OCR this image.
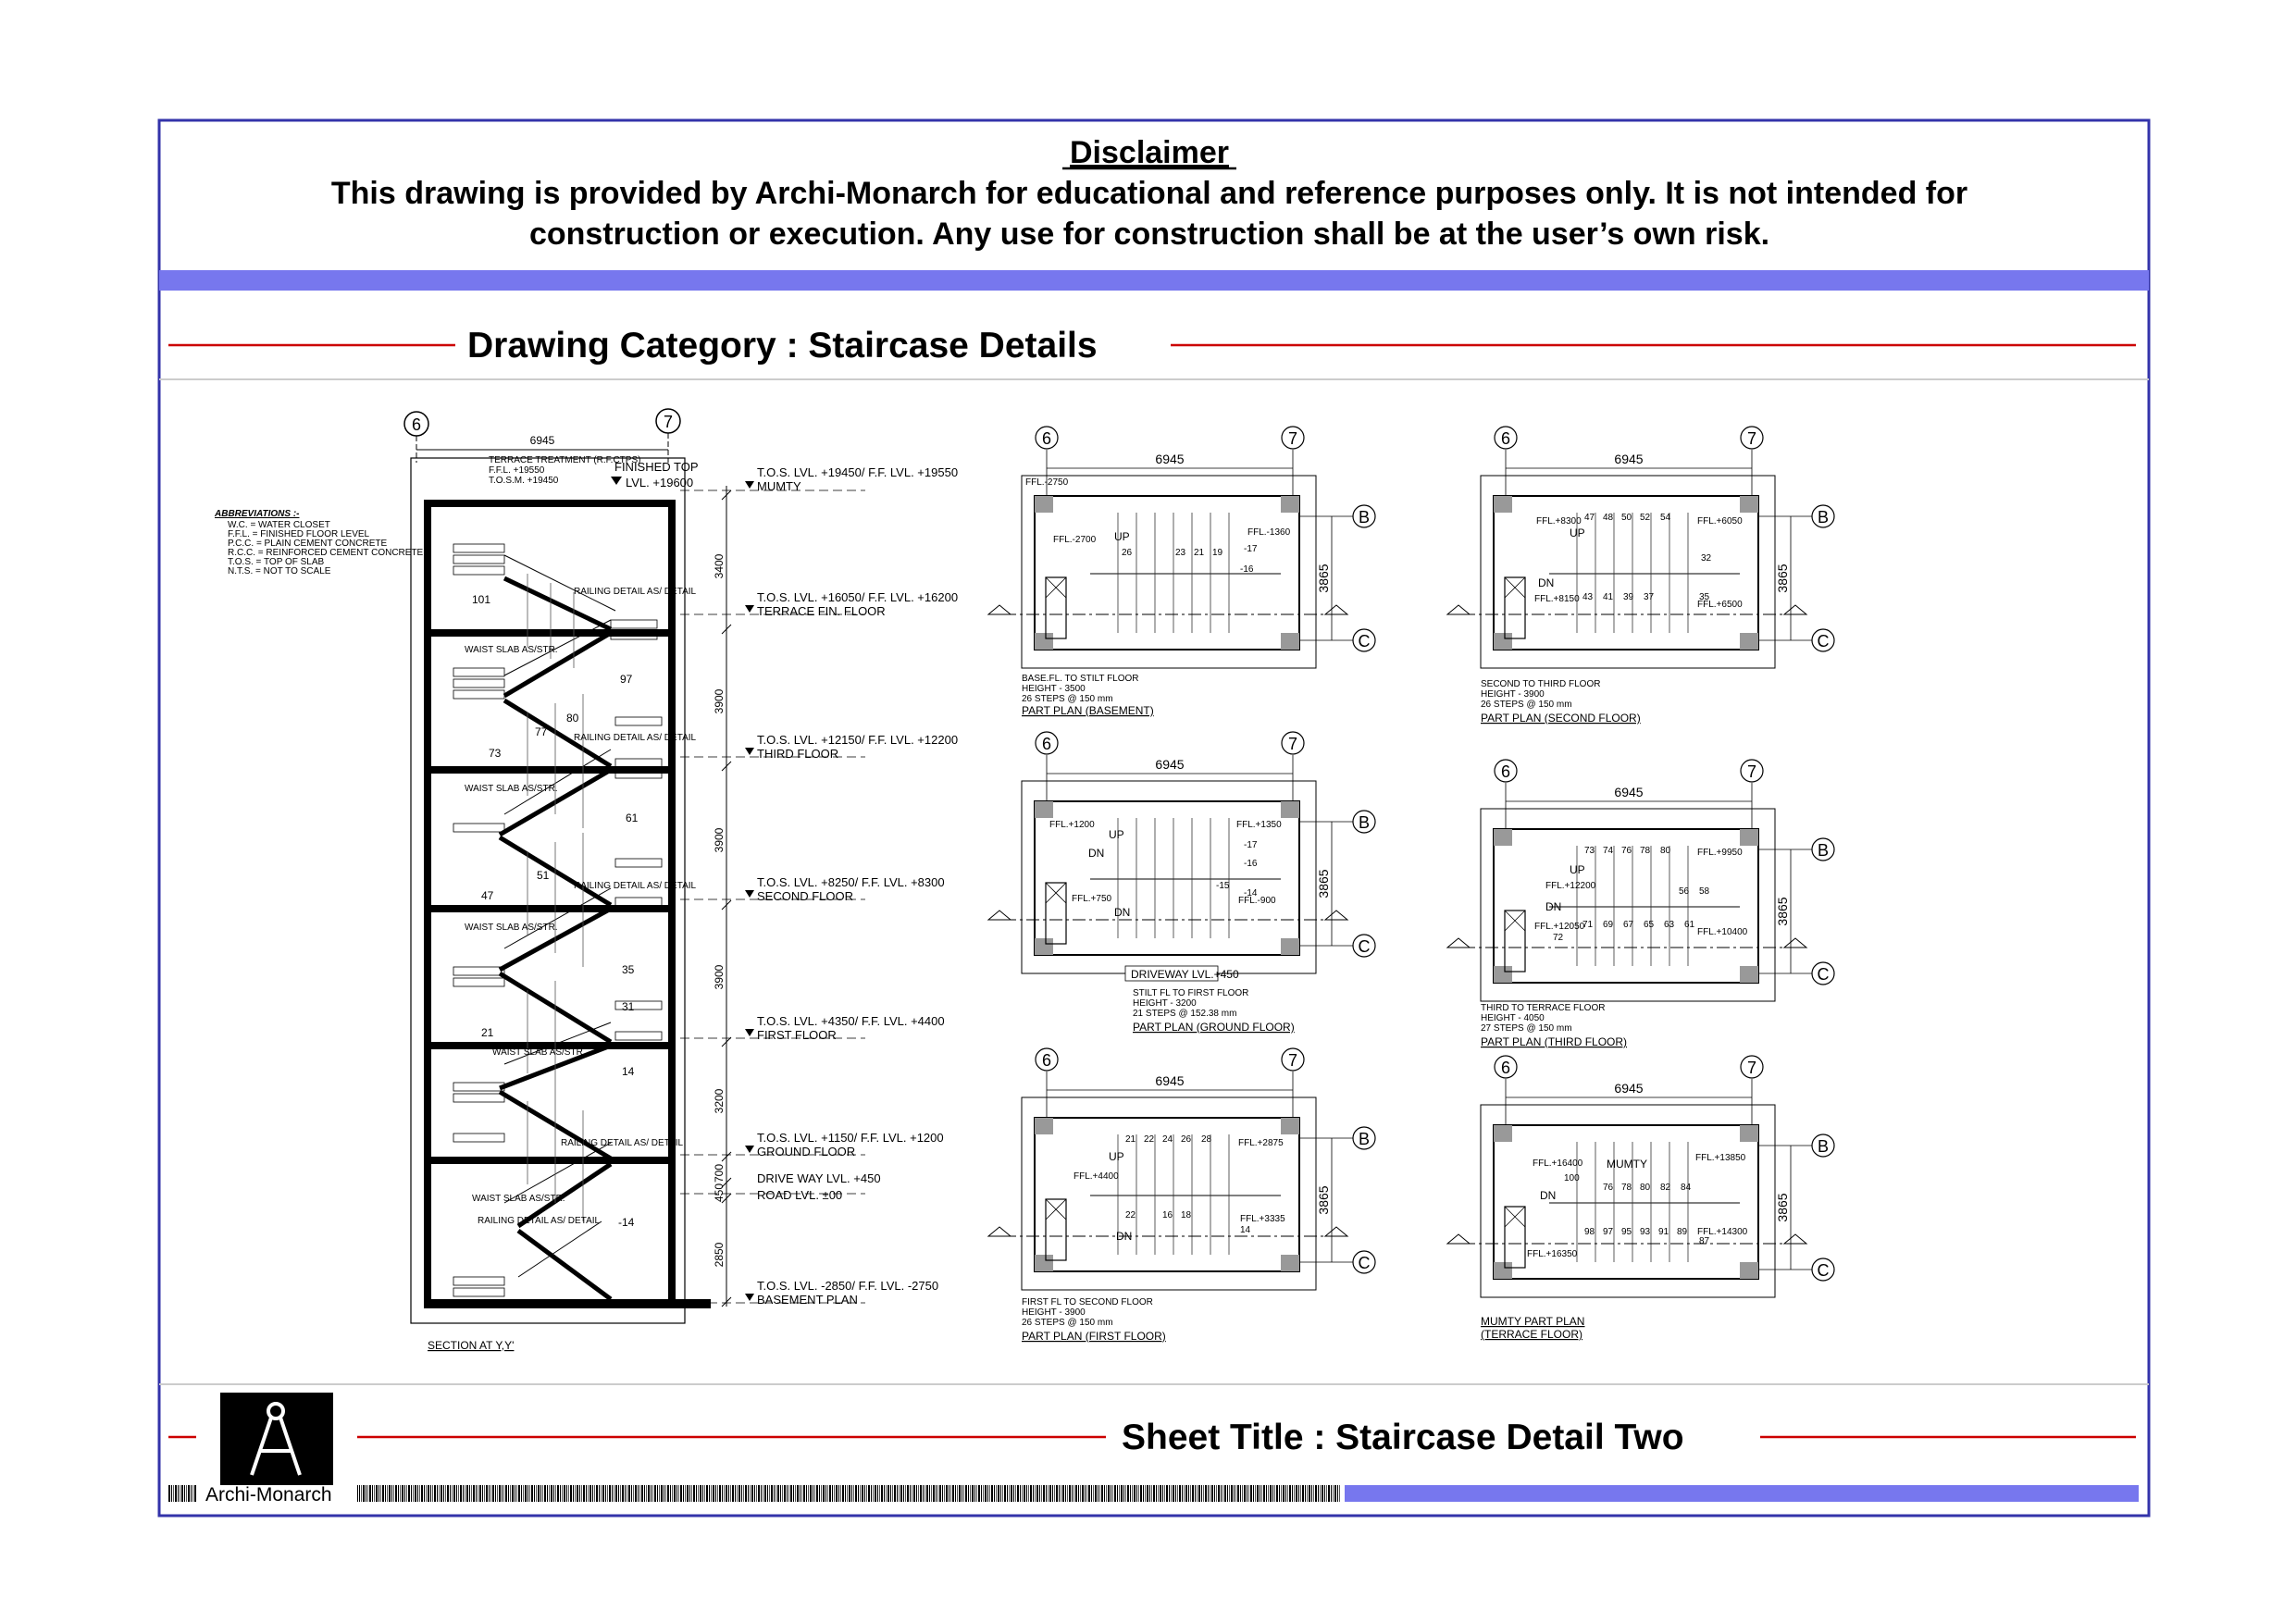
Disclaimer
This drawing is provided by Archi-Monarch for educational and reference purposes only. It is not intended for
construction or execution. Any use for construction shall be at the user’s own risk.
Drawing Category : Staircase Details
ABBREVIATIONS :-
W.C. = WATER CLOSET
F.F.L. = FINISHED FLOOR LEVEL
P.C.C. = PLAIN CEMENT CONCRETE
R.C.C. = REINFORCED CEMENT CONCRETE
T.O.S. = TOP OF SLAB
N.T.S. = NOT TO SCALE
6	7
6945
101
97
80
77
73
61
51
47
35
31
21
14
-14
WAIST SLAB AS/STR.
RAILING DETAIL AS/ DETAIL
WAIST SLAB AS/STR.
RAILING DETAIL AS/ DETAIL
WAIST SLAB AS/STR.
RAILING DETAIL AS/ DETAIL
WAIST SLAB AS/STR.
RAILING DETAIL AS/ DETAIL
WAIST SLAB AS/STR.
RAILING DETAIL AS/ DETAIL
TERRACE TREATMENT (R.F.CTPS)
F.F.L. +19550
T.O.S.M. +19450
FINISHED TOP
LVL. +19600
3400
3900
3900
3900
3200
700
450
2850
T.O.S. LVL. +19450/ F.F. LVL. +19550
MUMTY
T.O.S. LVL. +16050/ F.F. LVL. +16200
TERRACE FIN. FLOOR
T.O.S. LVL. +12150/ F.F. LVL. +12200
THIRD FLOOR
T.O.S. LVL. +8250/ F.F. LVL. +8300
SECOND FLOOR
T.O.S. LVL. +4350/ F.F. LVL. +4400
FIRST FLOOR
T.O.S. LVL. +1150/ F.F. LVL. +1200
GROUND FLOOR
DRIVE WAY LVL. +450
ROAD LVL. ±00
T.O.S. LVL. -2850/ F.F. LVL. -2750
BASEMENT PLAN
SECTION AT Y,Y'
6	7
B
C
6945
3865
FFL.-2750
FFL.-2700
FFL.-1360
UP
26	23 21 19 -17
-16
BASE.FL. TO STILT FLOOR
HEIGHT - 3500
26 STEPS @ 150 mm
PART PLAN (BASEMENT)
6	7
B
C
6945
3865
FFL.+8300	FFL.+6050
FFL.+8150
FFL.+6500
UP
DN
47 48 50 52 54
32
43 41 39 37	35
SECOND TO THIRD FLOOR
HEIGHT - 3900
26 STEPS @ 150 mm
PART PLAN (SECOND FLOOR)
6	7
B
C
6945
3865
FFL.+1200	FFL.+1350
FFL.+750	FFL.-900
UP
DN
DN
-17
-16
-14
-15
DRIVEWAY LVL.+450
STILT FL TO FIRST FLOOR
HEIGHT - 3200
21 STEPS @ 152.38 mm
PART PLAN (GROUND FLOOR)
6	7
B
C
6945
3865
FFL.+9950
FFL.+12200
FFL.+12050
FFL.+10400
UP
DN
73 74 76 78 80
56 58
71 69 67 65 63 61
72
THIRD TO TERRACE FLOOR
HEIGHT - 4050
27 STEPS @ 150 mm
PART PLAN (THIRD FLOOR)
6	7
B
C
6945
3865
FFL.+4400
FFL.+2875
FFL.+3335
UP
DN
21 22 24 26 28
22	16 18
14
FIRST FL TO SECOND FLOOR
HEIGHT - 3900
26 STEPS @ 150 mm
PART PLAN (FIRST FLOOR)
6	7
B
C
6945
3865
FFL.+16400
FFL.+13850
FFL.+14300
FFL.+16350
MUMTY
DN
100
76 78 80 82 84
98 97 95 93 91 89
87
MUMTY PART PLAN
(TERRACE FLOOR)
Archi-Monarch
Sheet Title : Staircase Detail Two
